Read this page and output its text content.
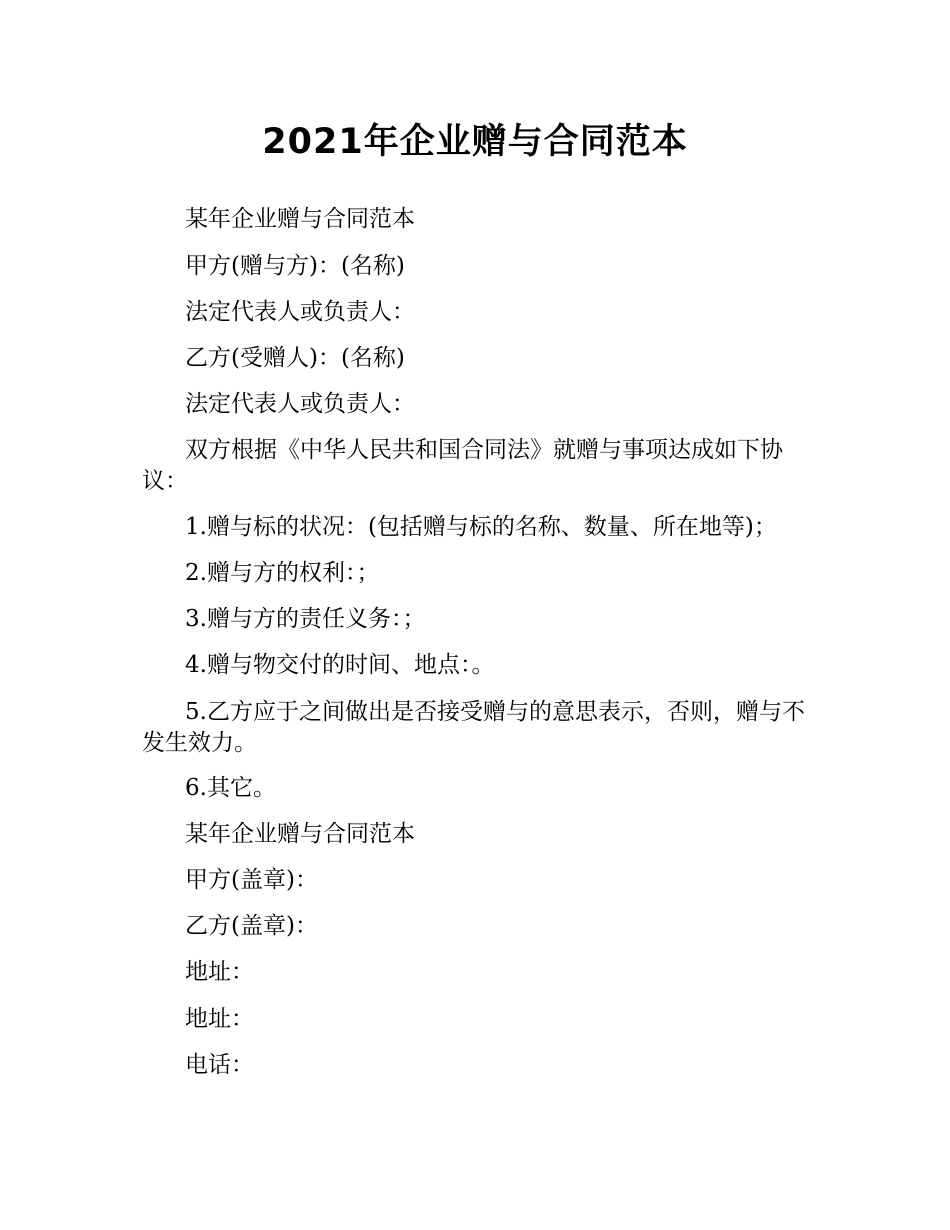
2021年企业赠与合同范本
某年企业赠与合同范本
甲方(赠与方)：(名称)
法定代表人或负责人：
乙方(受赠人)：(名称)
法定代表人或负责人：
双方根据《中华人民共和国合同法》就赠与事项达成如下协议：
1.赠与标的状况：(包括赠与标的名称、数量、所在地等)；
2.赠与方的权利：；
3.赠与方的责任义务：；
4.赠与物交付的时间、地点：。
5.乙方应于之间做出是否接受赠与的意思表示，否则，赠与不发生效力。
6.其它。
某年企业赠与合同范本
甲方(盖章)：
乙方(盖章)：
地址：
地址：
电话：
